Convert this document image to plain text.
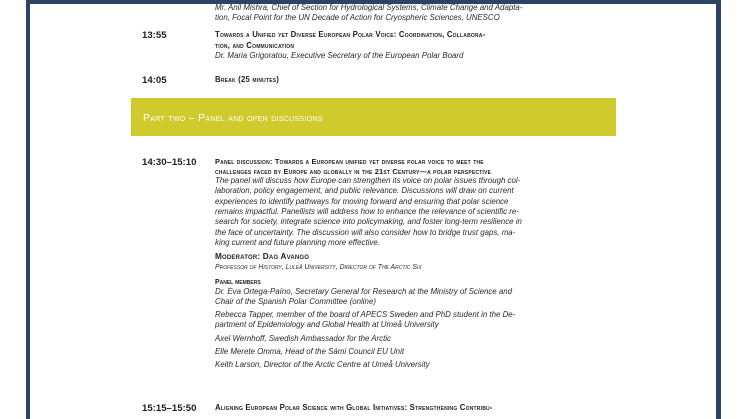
Mr. Anil Mishra, Chief of Section for Hydrological Systems, Climate Change and Adapta-
tion, Focal Point for the UN Decade of Action for Cryospheric Sciences, UNESCO
13:55	Towards a Unified yet Diverse European Polar Voice: Coordination, Collabora-
tion, and Communication
Dr. Maria Grigoratou, Executive Secretary of the European Polar Board
14:05	Break (25 minutes)
Part two – Panel and open discussions
14:30–15:10	Panel discussion: Towards a European unified yet diverse polar voice to meet the
challenges faced by Europe and globally in the 21st Century—a polar perspective
The panel will discuss how Europe can strengthen its voice on polar issues through col-
laboration, policy engagement, and public relevance. Discussions will draw on current
experiences to identify pathways for moving forward and ensuring that polar science
remains impactful. Panellists will address how to enhance the relevance of scientific re-
search for society, integrate science into policymaking, and foster long-term resilience in
the face of uncertainty. The discussion will also consider how to bridge trust gaps, ma-
king current and future planning more effective.
Moderator: Dag Avango
Professor of History, Luleå University, Director of The Arctic Six
Panel members
Dr. Eva Ortega-Paíno, Secretary General for Research at the Ministry of Science and
Chair of the Spanish Polar Committee (online)
Rebecca Tapper, member of the board of APECS Sweden and PhD student in the De-
partment of Epidemiology and Global Health at Umeå University
Axel Wernhoff, Swedish Ambassador for the Arctic
Elle Merete Omma, Head of the Sámi Council EU Unit
Keith Larson, Director of the Arctic Centre at Umeå University
15:15–15:50 Aligning European Polar Science with Global Initiatives: Strengthening Contribu-
